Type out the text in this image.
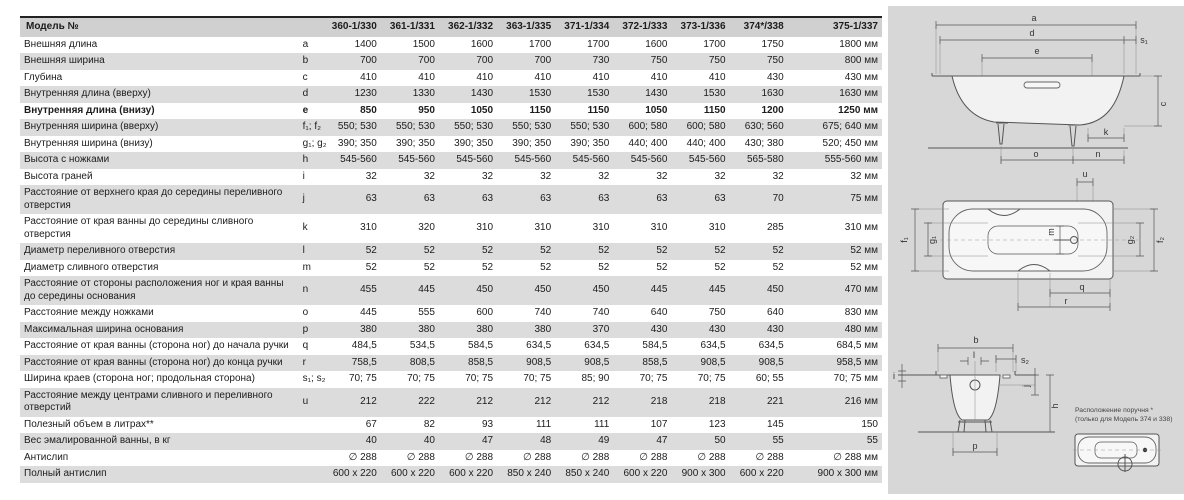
Модель №		360-1/330	361-1/331	362-1/332	363-1/335	371-1/334	372-1/333	373-1/336	374*/338	375-1/337
Внешняя длина	a	1400	1500	1600	1700	1700	1600	1700	1750	1800 мм
Внешняя ширина	b	700	700	700	700	730	750	750	750	800 мм
Глубина	c	410	410	410	410	410	410	410	430	430 мм
Внутренняя длина (вверху)	d	1230	1330	1430	1530	1530	1430	1530	1630	1630 мм
Внутренняя длина (внизу)	e	850	950	1050	1150	1150	1050	1150	1200	1250 мм
Внутренняя ширина (вверху)	f₁; f₂	550; 530	550; 530	550; 530	550; 530	550; 530	600; 580	600; 580	630; 560	675; 640 мм
Внутренняя ширина (внизу)	g₁; g₂	390; 350	390; 350	390; 350	390; 350	390; 350	440; 400	440; 400	430; 380	520; 450 мм
Высота с ножками	h	545-560	545-560	545-560	545-560	545-560	545-560	545-560	565-580	555-560 мм
Высота граней	i	32	32	32	32	32	32	32	32	32 мм
Расстояние от верхнего края до середины переливного отверстия	j	63	63	63	63	63	63	63	70	75 мм
Расстояние от края ванны до середины сливного отверстия	k	310	320	310	310	310	310	310	285	310 мм
Диаметр переливного отверстия	l	52	52	52	52	52	52	52	52	52 мм
Диаметр сливного отверстия	m	52	52	52	52	52	52	52	52	52 мм
Расстояние от стороны расположения ног и края ванны до середины основания	n	455	445	450	450	450	445	445	450	470 мм
Расстояние между ножками	o	445	555	600	740	740	640	750	640	830 мм
Максимальная ширина основания	p	380	380	380	380	370	430	430	430	480 мм
Расстояние от края ванны (сторона ног) до начала ручки	q	484,5	534,5	584,5	634,5	634,5	584,5	634,5	634,5	684,5 мм
Расстояние от края ванны (сторона ног) до конца ручки	r	758,5	808,5	858,5	908,5	908,5	858,5	908,5	908,5	958,5 мм
Ширина краев (сторона ног; продольная сторона)	s₁; s₂	70; 75	70; 75	70; 75	70; 75	85; 90	70; 75	70; 75	60; 55	70; 75 мм
Расстояние между центрами сливного и переливного отверстий	u	212	222	212	212	212	218	218	221	216 мм
Полезный объем в литрах**		67	82	93	111	111	107	123	145	150
Вес эмалированной ванны, в кг		40	40	47	48	49	47	50	55	55
Антислип		∅ 288	∅ 288	∅ 288	∅ 288	∅ 288	∅ 288	∅ 288	∅ 288	∅ 288 мм
Полный антислип		600 x 220	600 x 220	600 x 220	850 x 240	850 x 240	600 x 220	900 x 300	600 x 220	900 x 300 мм
a
d
s₁
e
c
k
o	n
u
m
f₁ g₁	g₂ f₂
q
r
b
l	s₂
i
j
h
p
Расположение поручня *
(только для Модель 374 и 338)
